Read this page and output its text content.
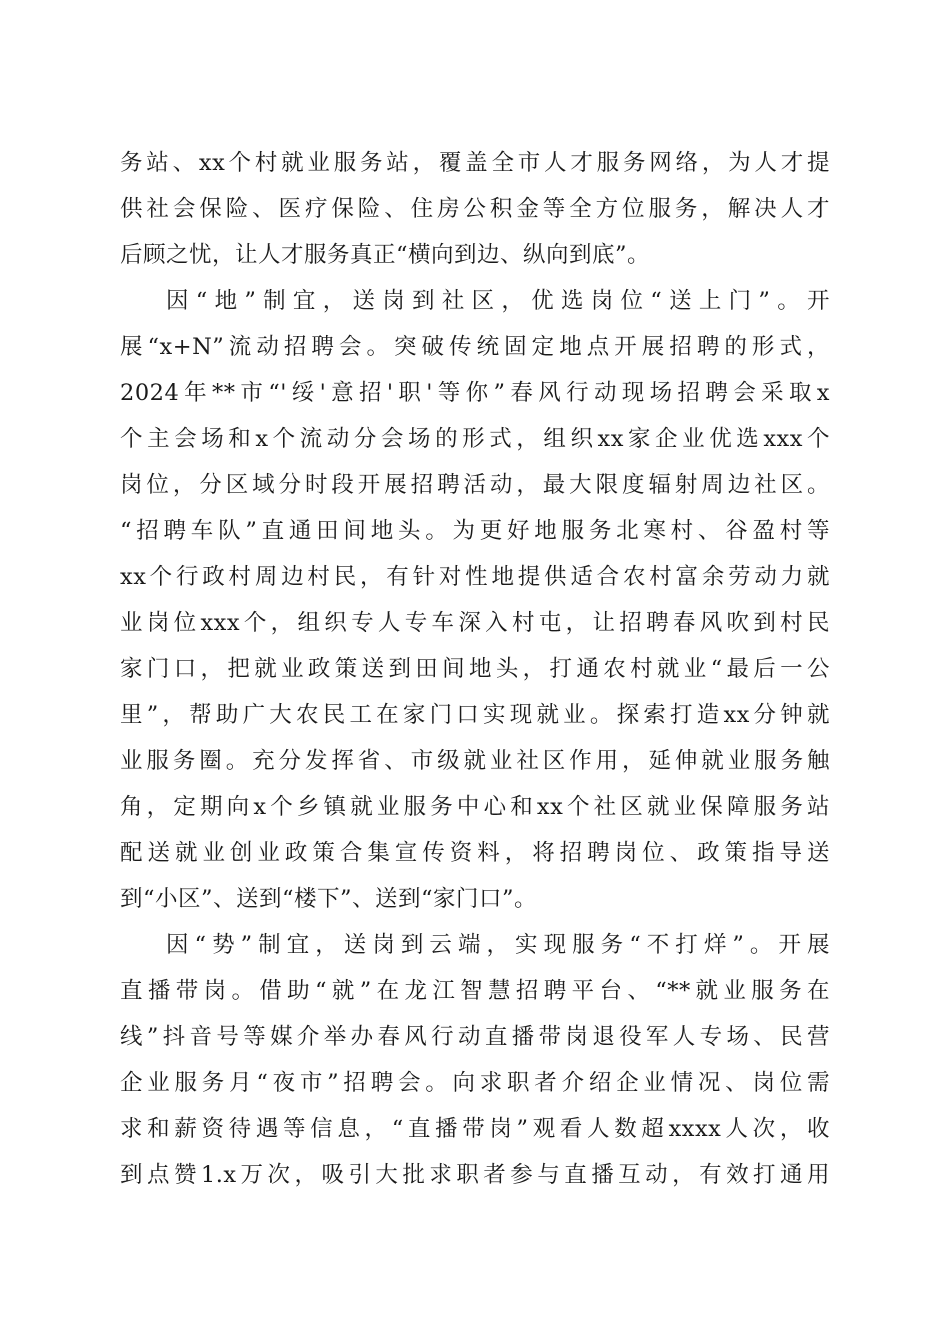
务站、xx个村就业服务站，覆盖全市人才服务网络，为人才提
供社会保险、医疗保险、住房公积金等全方位服务，解决人才
后顾之忧，让人才服务真正“横向到边、纵向到底”。
因“地”制宜，送岗到社区，优选岗位“送上门”。开
展“x+N”流动招聘会。突破传统固定地点开展招聘的形式，
2024年**市“'绥'意招'职'等你”春风行动现场招聘会采取x
个主会场和x个流动分会场的形式，组织xx家企业优选xxx个
岗位，分区域分时段开展招聘活动，最大限度辐射周边社区。
“招聘车队”直通田间地头。为更好地服务北寒村、谷盈村等
xx个行政村周边村民，有针对性地提供适合农村富余劳动力就
业岗位xxx个，组织专人专车深入村屯，让招聘春风吹到村民
家门口，把就业政策送到田间地头，打通农村就业“最后一公
里”，帮助广大农民工在家门口实现就业。探索打造xx分钟就
业服务圈。充分发挥省、市级就业社区作用，延伸就业服务触
角，定期向x个乡镇就业服务中心和xx个社区就业保障服务站
配送就业创业政策合集宣传资料，将招聘岗位、政策指导送
到“小区”、送到“楼下”、送到“家门口”。
因“势”制宜，送岗到云端，实现服务“不打烊”。开展
直播带岗。借助“就”在龙江智慧招聘平台、“**就业服务在
线”抖音号等媒介举办春风行动直播带岗退役军人专场、民营
企业服务月“夜市”招聘会。向求职者介绍企业情况、岗位需
求和薪资待遇等信息，“直播带岗”观看人数超xxxx人次，收
到点赞1.x万次，吸引大批求职者参与直播互动，有效打通用
